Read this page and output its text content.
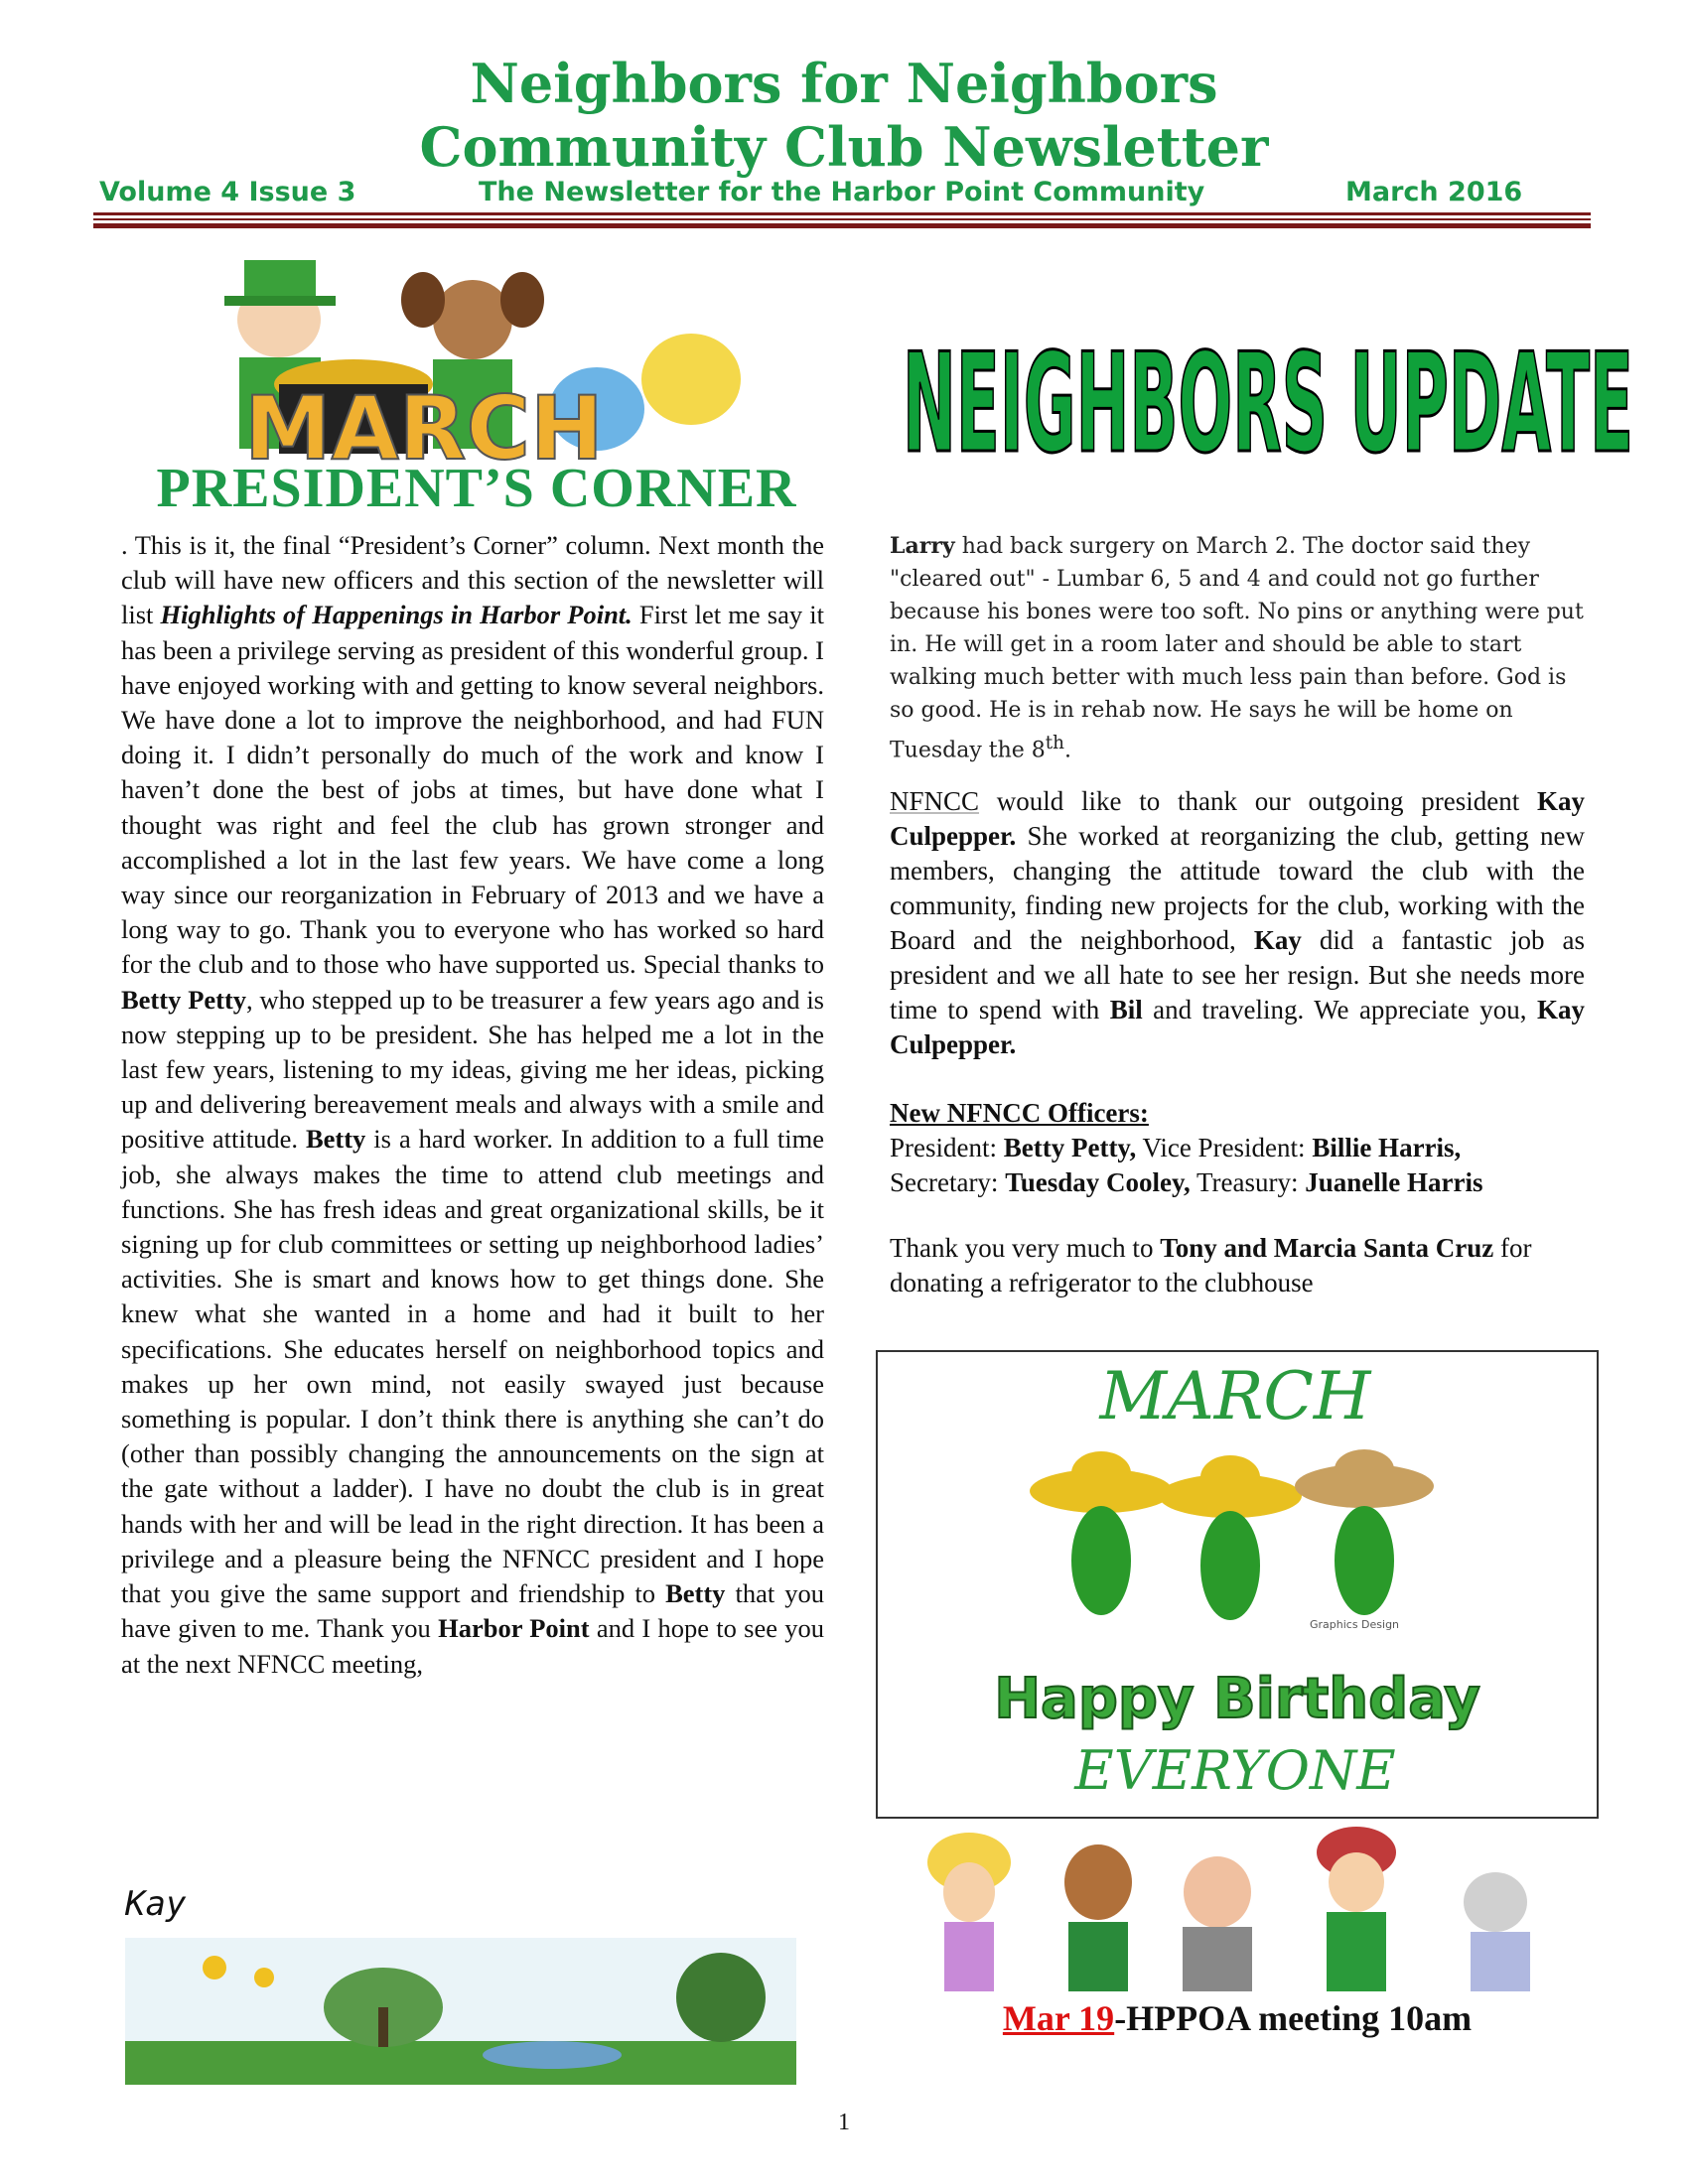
Neighbors for Neighbors
Community Club Newsletter
Volume 4 Issue 3	The Newsletter for the Harbor Point Community	March 2016
MARCH
PRESIDENT’S CORNER

. This is it, the final “President’s Corner” column. Next month the club will have new officers and this section of the newsletter will list Highlights of Happenings in Harbor Point. First let me say it has been a privilege serving as president of this wonderful group. I have enjoyed working with and getting to know several neighbors. We have done a lot to improve the neighborhood, and had FUN doing it. I didn’t personally do much of the work and know I haven’t done the best of jobs at times, but have done what I thought was right and feel the club has grown stronger and accomplished a lot in the last few years. We have come a long way since our reorganization in February of 2013 and we have a long way to go. Thank you to everyone who has worked so hard for the club and to those who have supported us. Special thanks to Betty Petty, who stepped up to be treasurer a few years ago and is now stepping up to be president. She has helped me a lot in the last few years, listening to my ideas, giving me her ideas, picking up and delivering bereavement meals and always with a smile and positive attitude. Betty is a hard worker. In addition to a full time job, she always makes the time to attend club meetings and functions. She has fresh ideas and great organizational skills, be it signing up for club committees or setting up neighborhood ladies’ activities. She is smart and knows how to get things done. She knew what she wanted in a home and had it built to her specifications. She educates herself on neighborhood topics and makes up her own mind, not easily swayed just because something is popular. I don’t think there is anything she can’t do (other than possibly changing the announcements on the sign at the gate without a ladder). I have no doubt the club is in great hands with her and will be lead in the right direction. It has been a privilege and a pleasure being the NFNCC president and I hope that you give the same support and friendship to Betty that you have given to me. Thank you Harbor Point and I hope to see you at the next NFNCC meeting,

Kay
NEIGHBORS UPDATE

Larry had back surgery on March 2. The doctor said they "cleared out" - Lumbar 6, 5 and 4 and could not go further because his bones were too soft. No pins or anything were put in. He will get in a room later and should be able to start walking much better with much less pain than before. God is so good. He is in rehab now. He says he will be home on Tuesday the 8th.

NFNCC would like to thank our outgoing president Kay Culpepper. She worked at reorganizing the club, getting new members, changing the attitude toward the club with the community, finding new projects for the club, working with the Board and the neighborhood, Kay did a fantastic job as president and we all hate to see her resign. But she needs more time to spend with Bil and traveling. We appreciate you, Kay Culpepper.

New NFNCC Officers:
President: Betty Petty, Vice President: Billie Harris,
Secretary: Tuesday Cooley, Treasury: Juanelle Harris

Thank you very much to Tony and Marcia Santa Cruz for donating a refrigerator to the clubhouse

MARCH
Happy Birthday
Graphics Design
EVERYONE
Mar 19-HPPOA meeting 10am
1
